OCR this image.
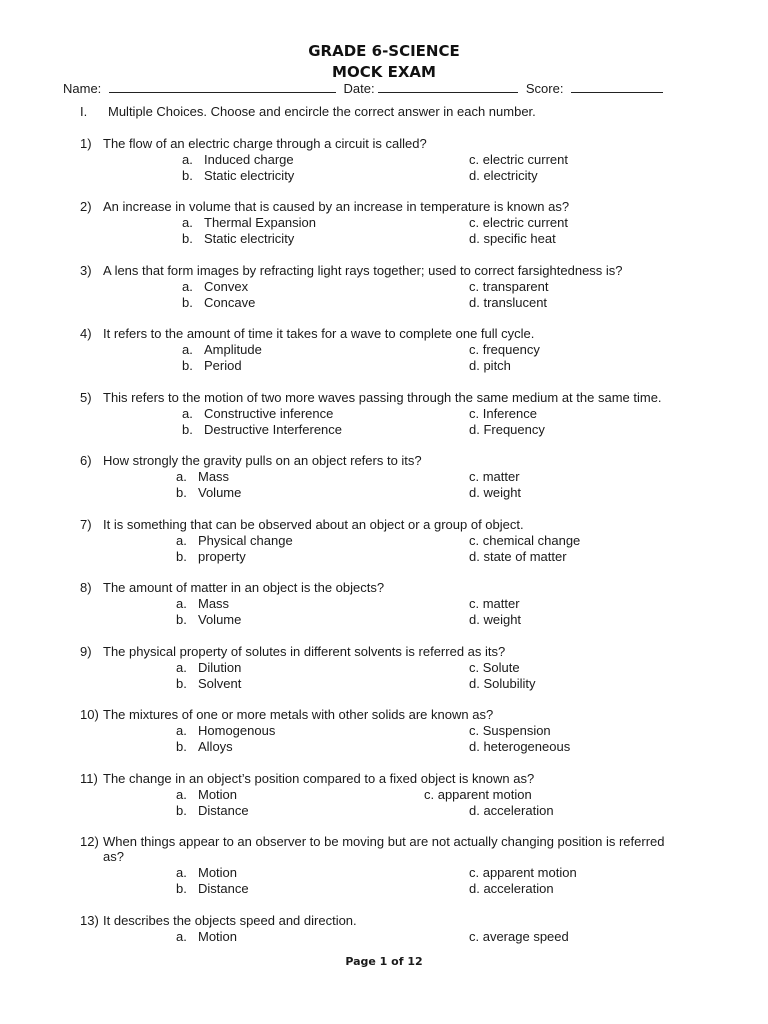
GRADE 6-SCIENCE
MOCK EXAM
Name:	Date:	Score:
I. Multiple Choices. Choose and encircle the correct answer in each number.
1) The flow of an electric charge through a circuit is called?
a. Induced charge
b. Static electricity
c. electric current
d. electricity
2) An increase in volume that is caused by an increase in temperature is known as?
a. Thermal Expansion
b. Static electricity
c. electric current
d. specific heat
3) A lens that form images by refracting light rays together; used to correct farsightedness is?
a. Convex
b. Concave
c. transparent
d. translucent
4) It refers to the amount of time it takes for a wave to complete one full cycle.
a. Amplitude
b. Period
c. frequency
d. pitch
5) This refers to the motion of two more waves passing through the same medium at the same time.
a. Constructive inference
b. Destructive Interference
c. Inference
d. Frequency
6) How strongly the gravity pulls on an object refers to its?
a. Mass
b. Volume
c. matter
d. weight
7) It is something that can be observed about an object or a group of object.
a. Physical change
b. property
c. chemical change
d. state of matter
8) The amount of matter in an object is the objects?
a. Mass
b. Volume
c. matter
d. weight
9) The physical property of solutes in different solvents is referred as its?
a. Dilution
b. Solvent
c. Solute
d. Solubility
10) The mixtures of one or more metals with other solids are known as?
a. Homogenous
b. Alloys
c. Suspension
d. heterogeneous
11) The change in an object’s position compared to a fixed object is known as?
a. Motion
b. Distance
c. apparent motion
d. acceleration
12) When things appear to an observer to be moving but are not actually changing position is referred
as?
a. Motion
b. Distance
c. apparent motion
d. acceleration
13) It describes the objects speed and direction.
a. Motion	c. average speed
Page 1 of 12
